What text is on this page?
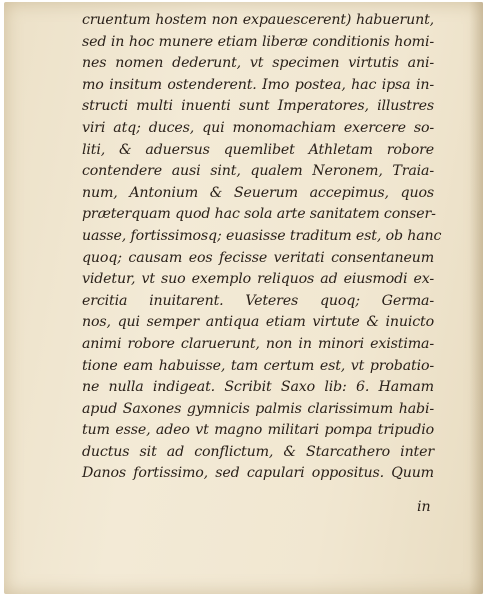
cruentum hostem non expauescerent) habuerunt,
sed in hoc munere etiam liberæ conditionis homi-
nes nomen dederunt, vt specimen virtutis ani-
mo insitum ostenderent. Imo postea, hac ipsa in-
structi multi inuenti sunt Imperatores, illustres
viri atq; duces, qui monomachiam exercere so-
liti, & aduersus quemlibet Athletam robore
contendere ausi sint, qualem Neronem, Traia-
num, Antonium & Seuerum accepimus, quos
præterquam quod hac sola arte sanitatem conser-
uasse, fortissimosq; euasisse traditum est, ob hanc
quoq; causam eos fecisse veritati consentaneum
videtur, vt suo exemplo reliquos ad eiusmodi ex-
ercitia inuitarent. Veteres quoq; Germa-
nos, qui semper antiqua etiam virtute & inuicto
animi robore claruerunt, non in minori existima-
tione eam habuisse, tam certum est, vt probatio-
ne nulla indigeat. Scribit Saxo lib: 6. Hamam
apud Saxones gymnicis palmis clarissimum habi-
tum esse, adeo vt magno militari pompa tripudio
ductus sit ad conflictum, & Starcathero inter
Danos fortissimo, sed capulari oppositus. Quum
in
